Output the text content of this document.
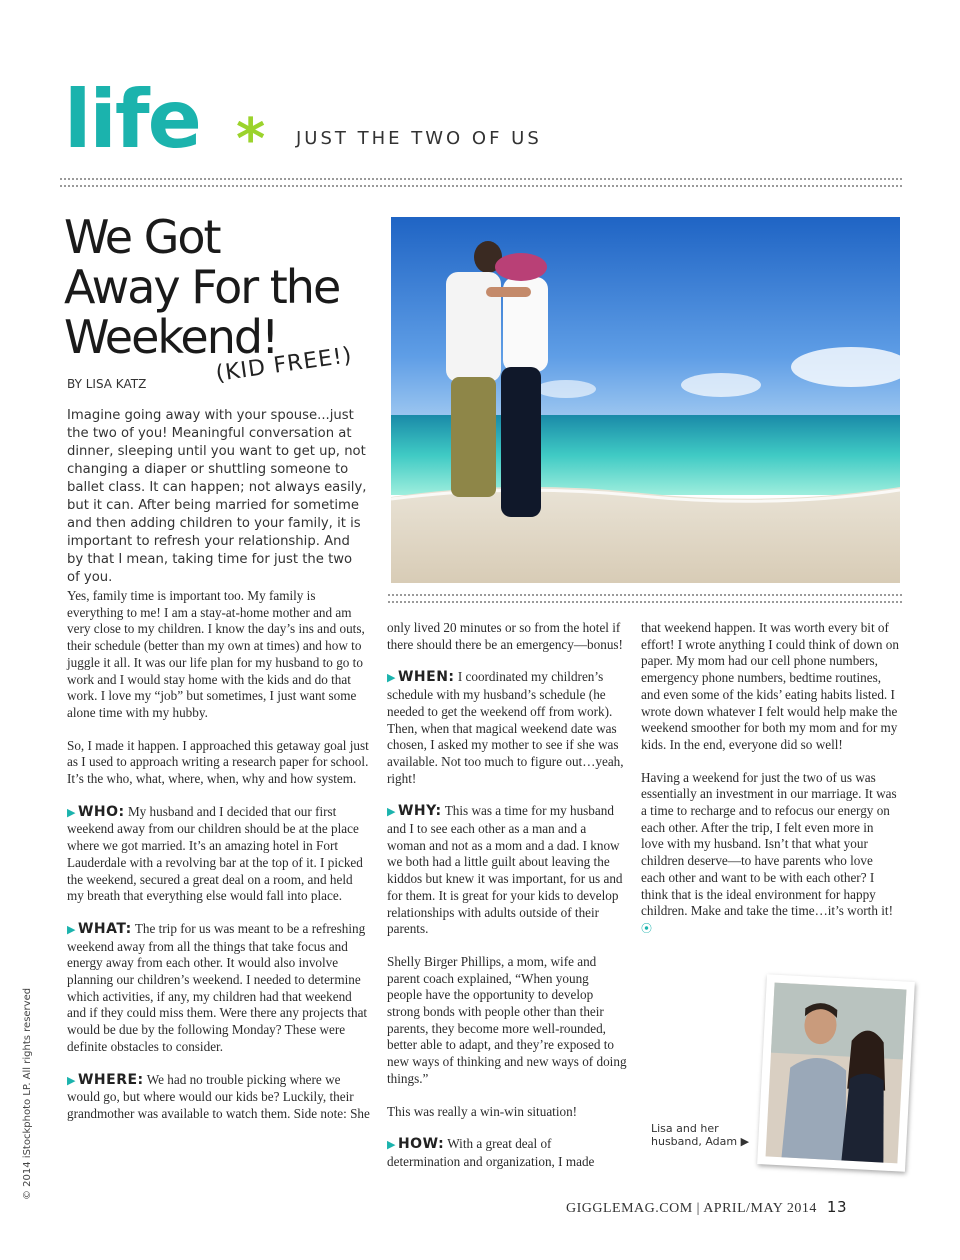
life * JUST THE TWO OF US
We Got
Away For the
Weekend!
BY LISA KATZ	(KID FREE!)
Imagine going away with your spouse...just the two of you! Meaningful conversation at dinner, sleeping until you want to get up, not changing a diaper or shuttling someone to ballet class. It can happen; not always easily, but it can. After being married for sometime and then adding children to your family, it is important to refresh your relationship. And by that I mean, taking time for just the two of you.

Yes, family time is important too. My family is everything to me! I am a stay-at-home mother and am very close to my children. I know the day’s ins and outs, their schedule (better than my own at times) and how to juggle it all. It was our life plan for my husband to go to work and I would stay home with the kids and do that work. I love my “job” but sometimes, I just want some alone time with my hubby.

So, I made it happen. I approached this getaway goal just as I used to approach writing a research paper for school. It’s the who, what, where, when, why and how system.

▶ WHO: My husband and I decided that our first weekend away from our children should be at the place where we got married. It’s an amazing hotel in Fort Lauderdale with a revolving bar at the top of it. I picked the weekend, secured a great deal on a room, and held my breath that everything else would fall into place.

▶ WHAT: The trip for us was meant to be a refreshing weekend away from all the things that take focus and energy away from each other. It would also involve planning our children’s weekend. I needed to determine which activities, if any, my children had that weekend and if they could miss them. Were there any projects that would be due by the following Monday? These were definite obstacles to consider.

▶ WHERE: We had no trouble picking where we would go, but where would our kids be? Luckily, their grandmother was available to watch them. Side note: She

only lived 20 minutes or so from the hotel if there should there be an emergency—bonus!

▶ WHEN: I coordinated my children’s schedule with my husband’s schedule (he needed to get the weekend off from work). Then, when that magical weekend date was chosen, I asked my mother to see if she was available. Not too much to figure out…yeah, right!

▶ WHY: This was a time for my husband and I to see each other as a man and a woman and not as a mom and a dad. I know we both had a little guilt about leaving the kiddos but knew it was important, for us and for them. It is great for your kids to develop relationships with adults outside of their parents.

Shelly Birger Phillips, a mom, wife and parent coach explained, “When young people have the opportunity to develop strong bonds with people other than their parents, they become more well-rounded, better able to adapt, and they’re exposed to new ways of thinking and new ways of doing things.”

This was really a win-win situation!

▶ HOW: With a great deal of determination and organization, I made

that weekend happen. It was worth every bit of effort! I wrote anything I could think of down on paper. My mom had our cell phone numbers, emergency phone numbers, bedtime routines, and even some of the kids’ eating habits listed. I wrote down whatever I felt would help make the weekend smoother for both my mom and for my kids. In the end, everyone did so well!

Having a weekend for just the two of us was essentially an investment in our marriage. It was a time to recharge and to refocus our energy on each other. After the trip, I felt even more in love with my husband. Isn’t that what your children deserve—to have parents who love each other and want to be with each other? I think that is the ideal environment for happy children. Make and take the time…it’s worth it!⦿

Lisa and her
husband, Adam ▶
© 2014 iStockphoto LP. All rights reserved
GIGGLEMAG.COM | APRIL/MAY 2014 13
